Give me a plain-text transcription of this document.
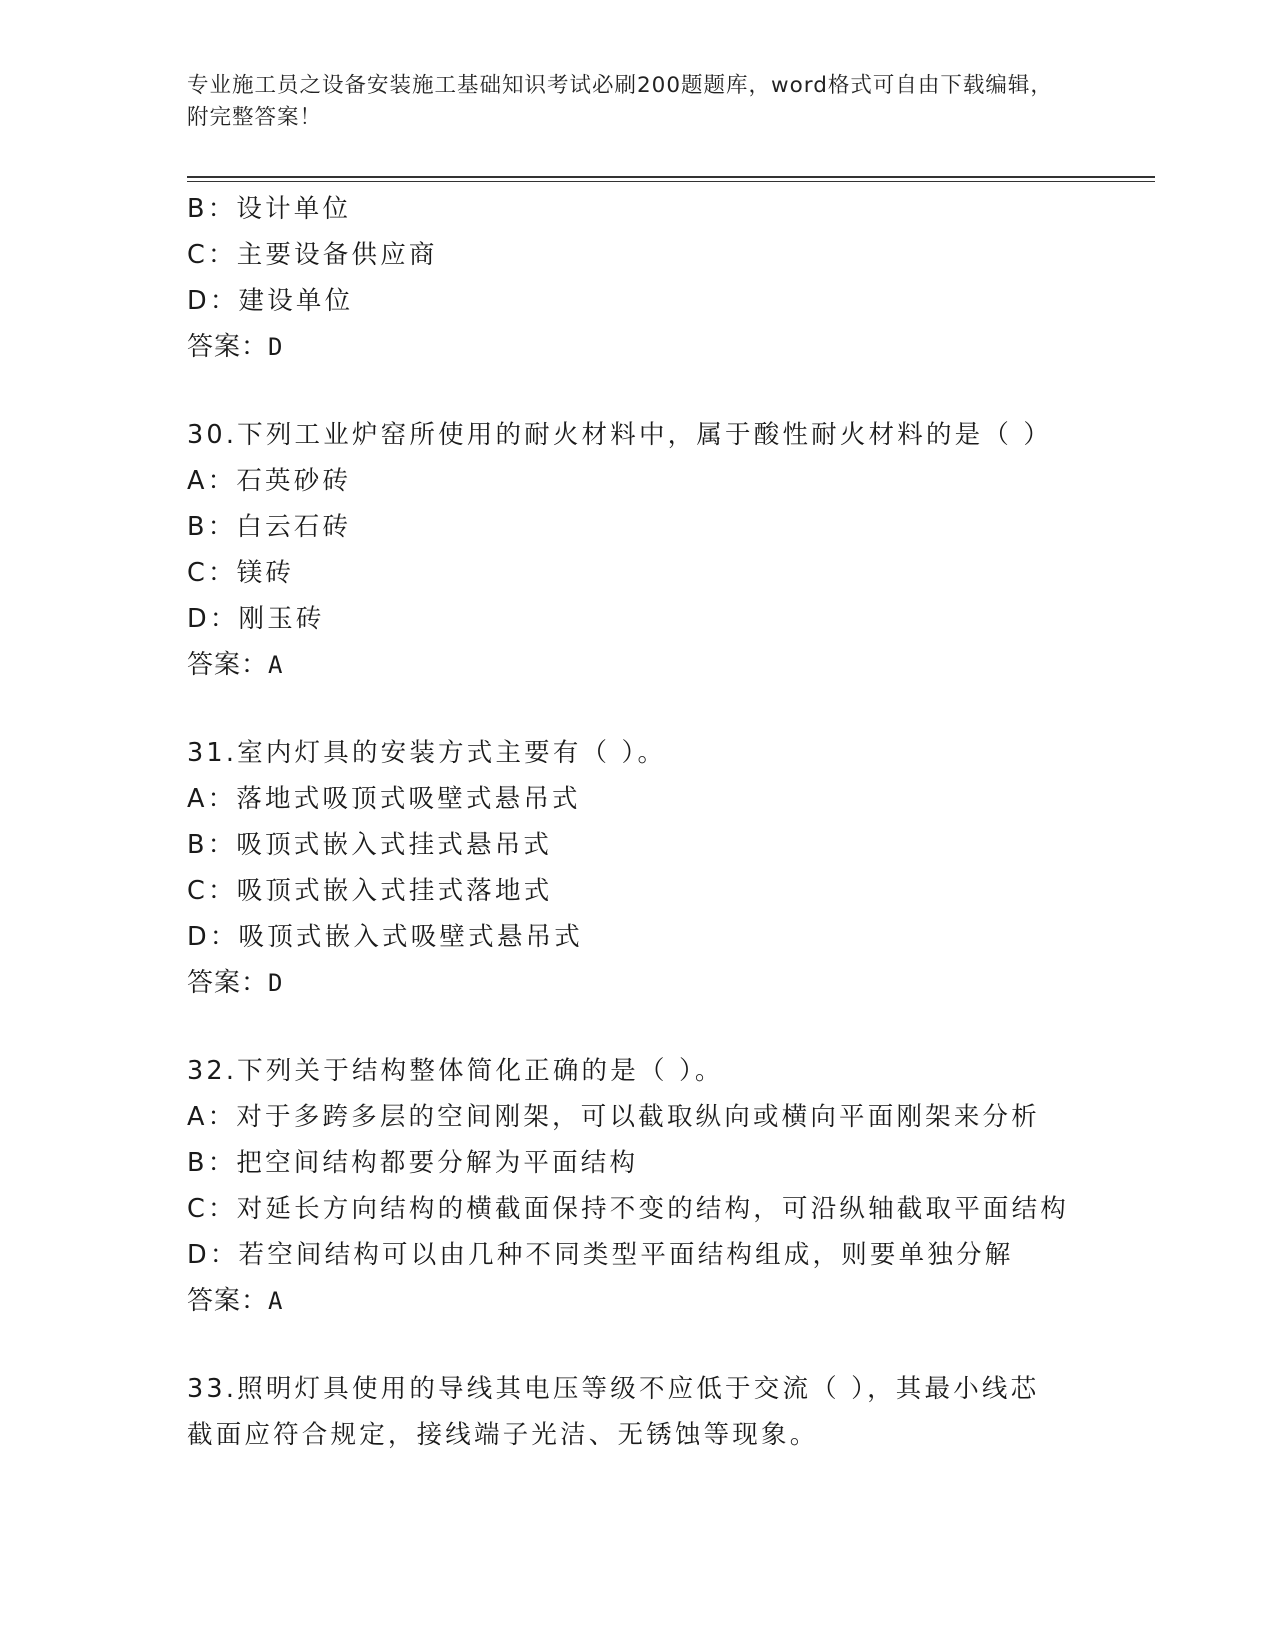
专业施工员之设备安装施工基础知识考试必刷200题题库，word格式可自由下载编辑，附完整答案！
B：设计单位
C：主要设备供应商
D：建设单位
答案：D
30.下列工业炉窑所使用的耐火材料中，属于酸性耐火材料的是（ ）
A：石英砂砖
B：白云石砖
C：镁砖
D：刚玉砖
答案：A
31.室内灯具的安装方式主要有（ ）。
A：落地式吸顶式吸壁式悬吊式
B：吸顶式嵌入式挂式悬吊式
C：吸顶式嵌入式挂式落地式
D：吸顶式嵌入式吸壁式悬吊式
答案：D
32.下列关于结构整体简化正确的是（ ）。
A：对于多跨多层的空间刚架，可以截取纵向或横向平面刚架来分析
B：把空间结构都要分解为平面结构
C：对延长方向结构的横截面保持不变的结构，可沿纵轴截取平面结构
D：若空间结构可以由几种不同类型平面结构组成，则要单独分解
答案：A
33.照明灯具使用的导线其电压等级不应低于交流（ ），其最小线芯
截面应符合规定，接线端子光洁、无锈蚀等现象。
